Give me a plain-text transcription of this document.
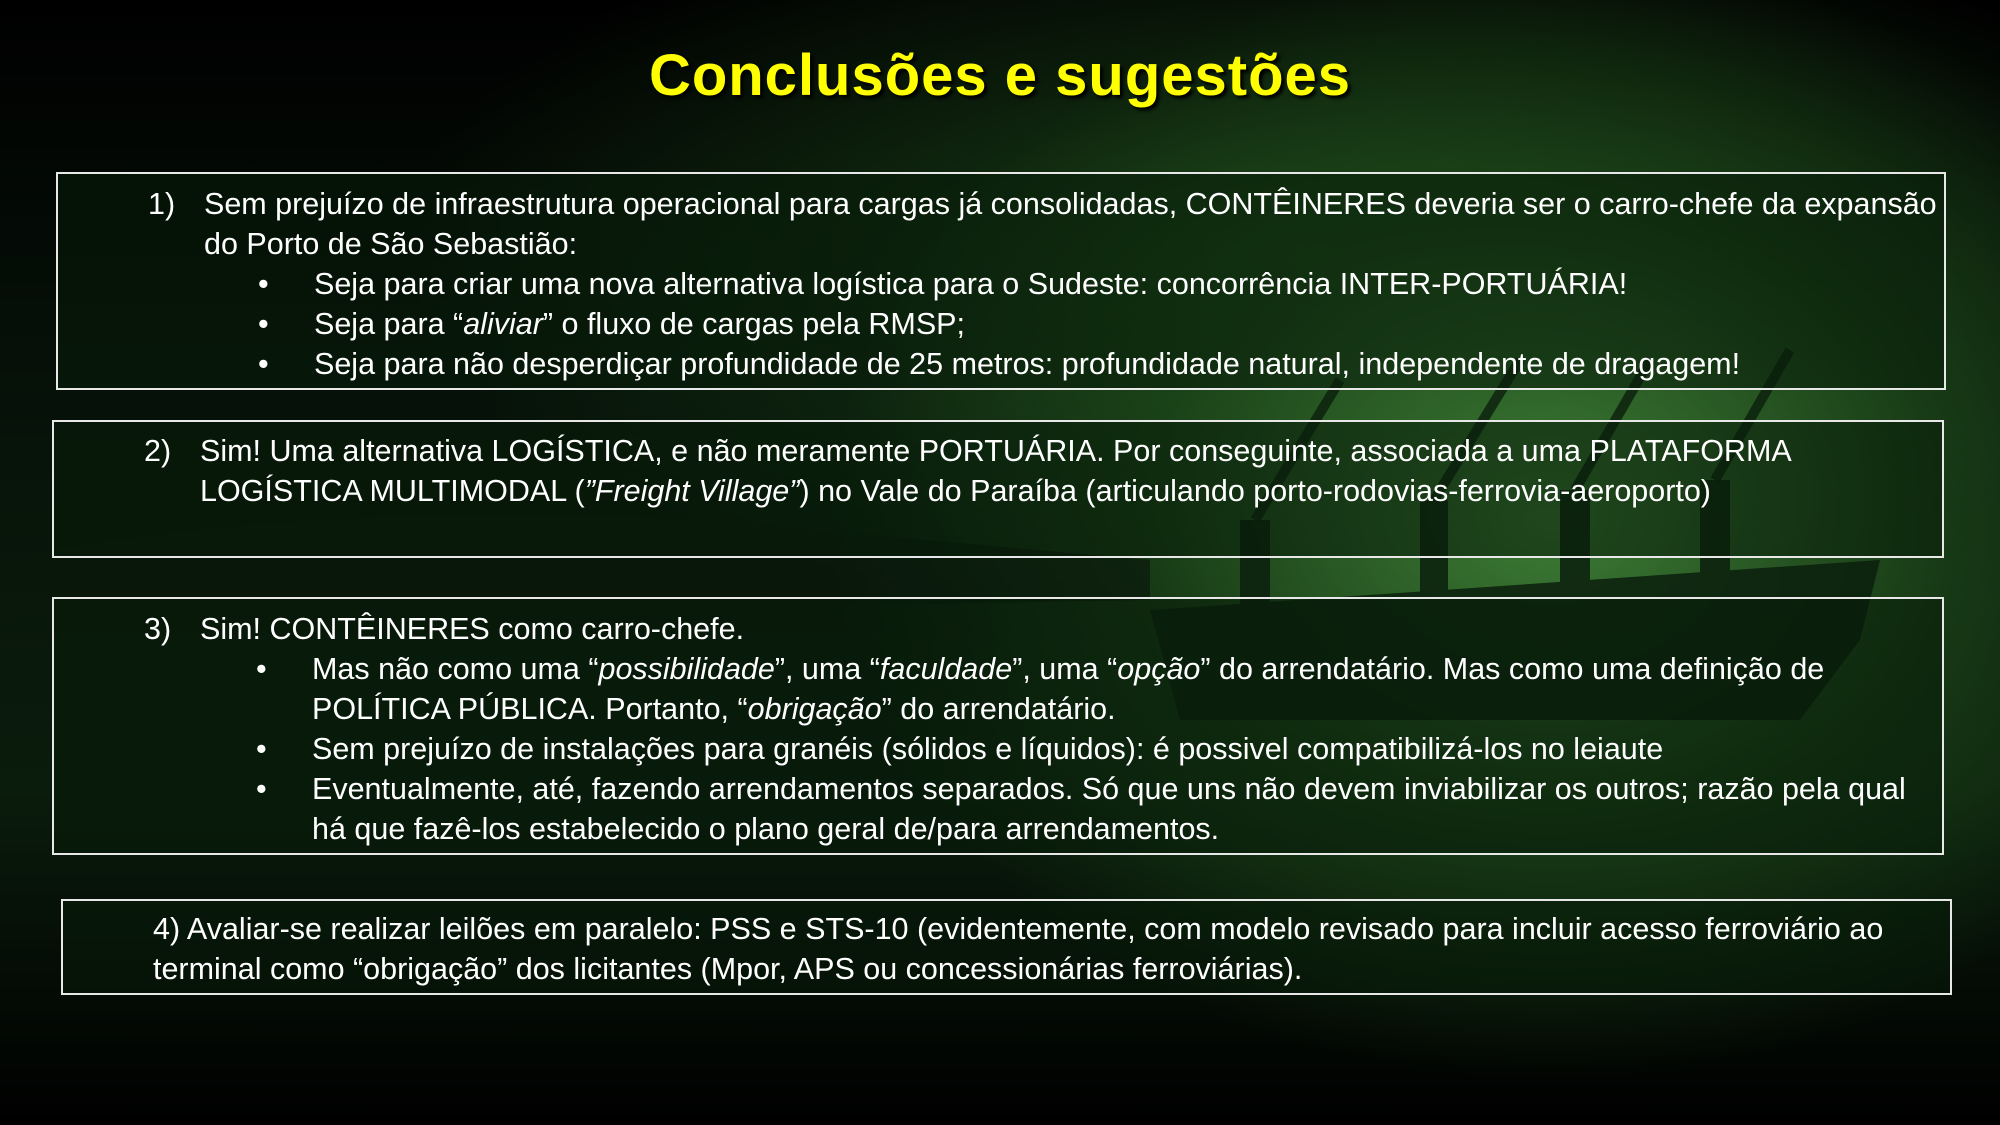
Conclusões e sugestões
1) Sem prejuízo de infraestrutura operacional para cargas já consolidadas, CONTÊINERES deveria ser o carro-chefe da expansão do Porto de São Sebastião:
• Seja para criar uma nova alternativa logística para o Sudeste: concorrência INTER-PORTUÁRIA!
• Seja para “aliviar” o fluxo de cargas pela RMSP;
• Seja para não desperdiçar profundidade de 25 metros: profundidade natural, independente de dragagem!
2) Sim! Uma alternativa LOGÍSTICA, e não meramente PORTUÁRIA. Por conseguinte, associada a uma PLATAFORMA LOGÍSTICA MULTIMODAL (”Freight Village”) no Vale do Paraíba (articulando porto-rodovias-ferrovia-aeroporto)
3) Sim! CONTÊINERES como carro-chefe.
• Mas não como uma “possibilidade”, uma “faculdade”, uma “opção” do arrendatário. Mas como uma definição de POLÍTICA PÚBLICA. Portanto, “obrigação” do arrendatário.
• Sem prejuízo de instalações para granéis (sólidos e líquidos): é possivel compatibilizá-los no leiaute
• Eventualmente, até, fazendo arrendamentos separados. Só que uns não devem inviabilizar os outros; razão pela qual há que fazê-los estabelecido o plano geral de/para arrendamentos.
4) Avaliar-se realizar leilões em paralelo: PSS e STS-10 (evidentemente, com modelo revisado para incluir acesso ferroviário ao terminal como “obrigação” dos licitantes (Mpor, APS ou concessionárias ferroviárias).
